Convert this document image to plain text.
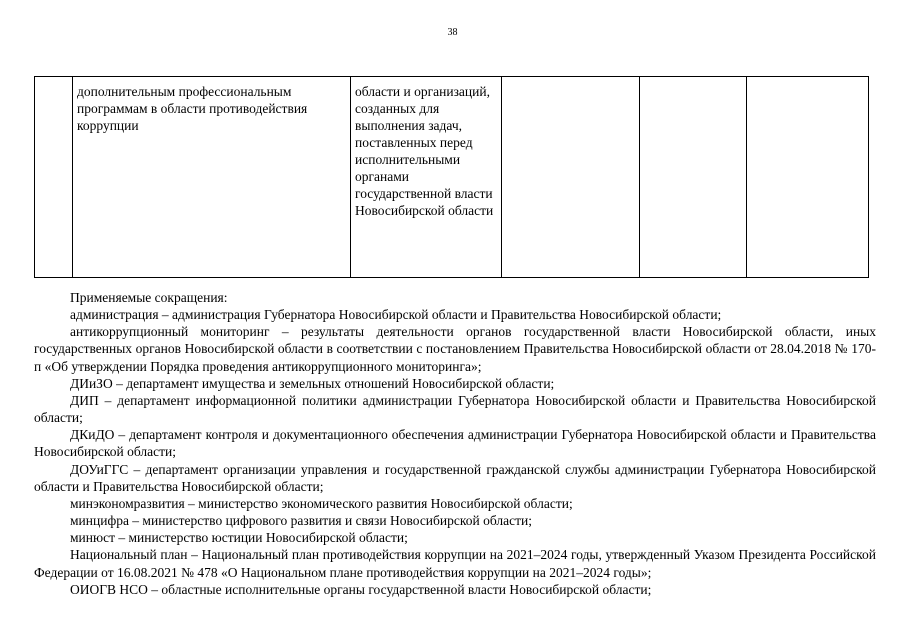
38
	дополнительным профессиональным программам в области противодействия коррупции	области и организаций, созданных для выполнения задач, поставленных перед исполнительными органами государственной власти Новосибирской области			

Применяемые сокращения:

администрация – администрация Губернатора Новосибирской области и Правительства Новосибирской области;

антикоррупционный мониторинг – результаты деятельности органов государственной власти Новосибирской области, иных государственных органов Новосибирской области в соответствии с постановлением Правительства Новосибирской области от 28.04.2018 № 170-п «Об утверждении Порядка проведения антикоррупционного мониторинга»;

ДИиЗО – департамент имущества и земельных отношений Новосибирской области;

ДИП – департамент информационной политики администрации Губернатора Новосибирской области и Правительства Новосибирской области;

ДКиДО – департамент контроля и документационного обеспечения администрации Губернатора Новосибирской области и Правительства Новосибирской области;

ДОУиГГС – департамент организации управления и государственной гражданской службы администрации Губернатора Новосибирской области и Правительства Новосибирской области;

минэкономразвития – министерство экономического развития Новосибирской области;

минцифра – министерство цифрового развития и связи Новосибирской области;

минюст – министерство юстиции Новосибирской области;

Национальный план – Национальный план противодействия коррупции на 2021–2024 годы, утвержденный Указом Президента Российской Федерации от 16.08.2021 № 478 «О Национальном плане противодействия коррупции на 2021–2024 годы»;

ОИОГВ НСО – областные исполнительные органы государственной власти Новосибирской области;
